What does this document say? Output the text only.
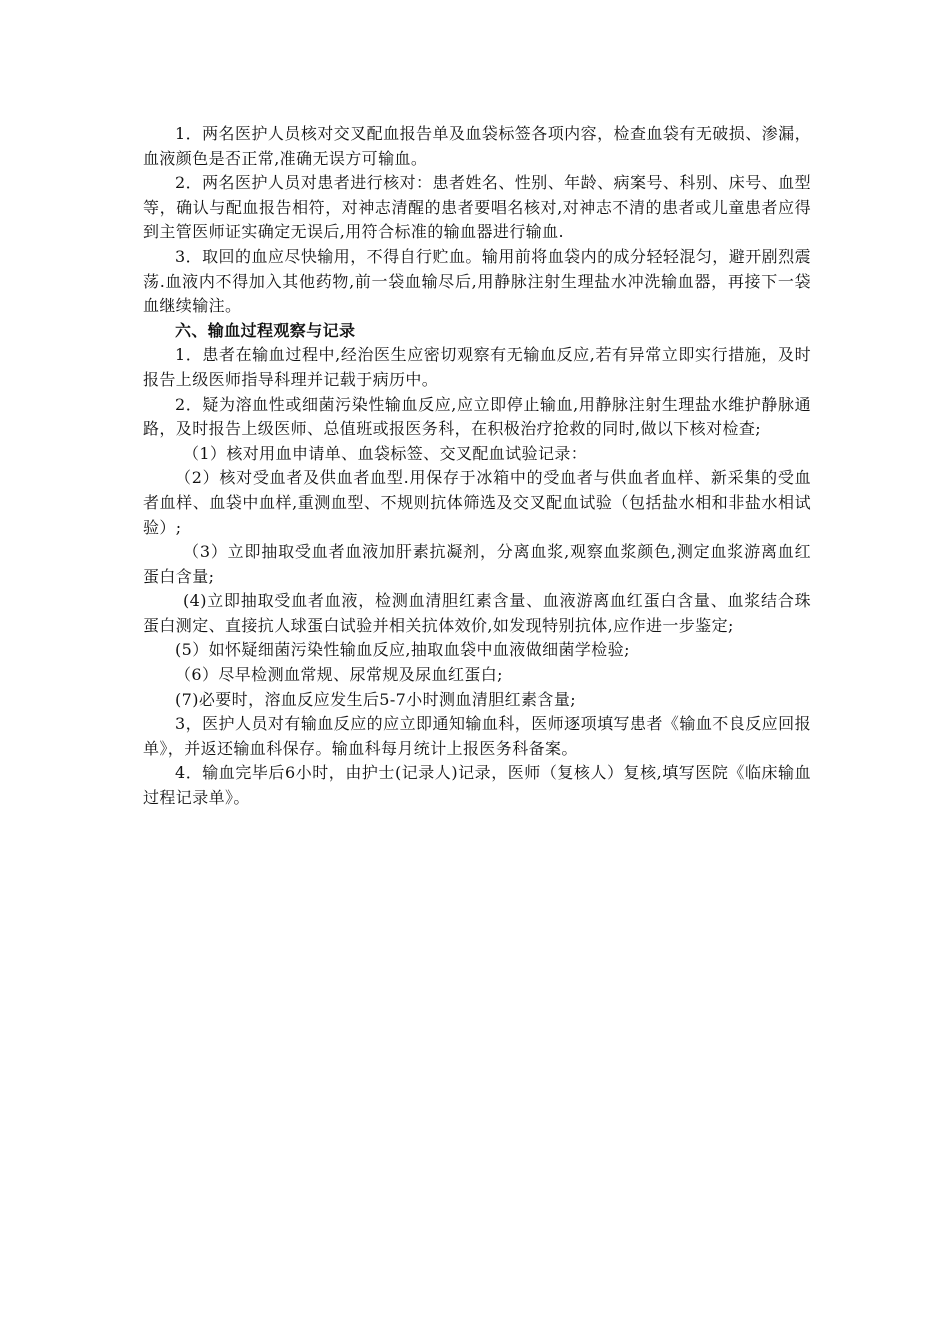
1．两名医护人员核对交叉配血报告单及血袋标签各项内容，检查血袋有无破损、渗漏，血液颜色是否正常,准确无误方可输血。

2．两名医护人员对患者进行核对：患者姓名、性别、年龄、病案号、科别、床号、血型等，确认与配血报告相符，对神志清醒的患者要唱名核对,对神志不清的患者或儿童患者应得到主管医师证实确定无误后,用符合标准的输血器进行输血.

3．取回的血应尽快输用，不得自行贮血。输用前将血袋内的成分轻轻混匀，避开剧烈震荡.血液内不得加入其他药物,前一袋血输尽后,用静脉注射生理盐水冲洗输血器，再接下一袋血继续输注。

六、输血过程观察与记录

1．患者在输血过程中,经治医生应密切观察有无输血反应,若有异常立即实行措施，及时报告上级医师指导科理并记载于病历中。

2．疑为溶血性或细菌污染性输血反应,应立即停止输血,用静脉注射生理盐水维护静脉通路，及时报告上级医师、总值班或报医务科，在积极治疗抢救的同时,做以下核对检查;

（1）核对用血申请单、血袋标签、交叉配血试验记录：

（2）核对受血者及供血者血型.用保存于冰箱中的受血者与供血者血样、新采集的受血者血样、血袋中血样,重测血型、不规则抗体筛选及交叉配血试验（包括盐水相和非盐水相试验）;

（3）立即抽取受血者血液加肝素抗凝剂，分离血浆,观察血浆颜色,测定血浆游离血红蛋白含量;

(4)立即抽取受血者血液，检测血清胆红素含量、血液游离血红蛋白含量、血浆结合珠蛋白测定、直接抗人球蛋白试验并相关抗体效价,如发现特别抗体,应作进一步鉴定;

(5）如怀疑细菌污染性输血反应,抽取血袋中血液做细菌学检验;

（6）尽早检测血常规、尿常规及尿血红蛋白;

(7)必要时，溶血反应发生后5-7小时测血清胆红素含量;

3，医护人员对有输血反应的应立即通知输血科，医师逐项填写患者《输血不良反应回报单》，并返还输血科保存。输血科每月统计上报医务科备案。

4．输血完毕后6小时，由护士(记录人)记录，医师（复核人）复核,填写医院《临床输血过程记录单》。
